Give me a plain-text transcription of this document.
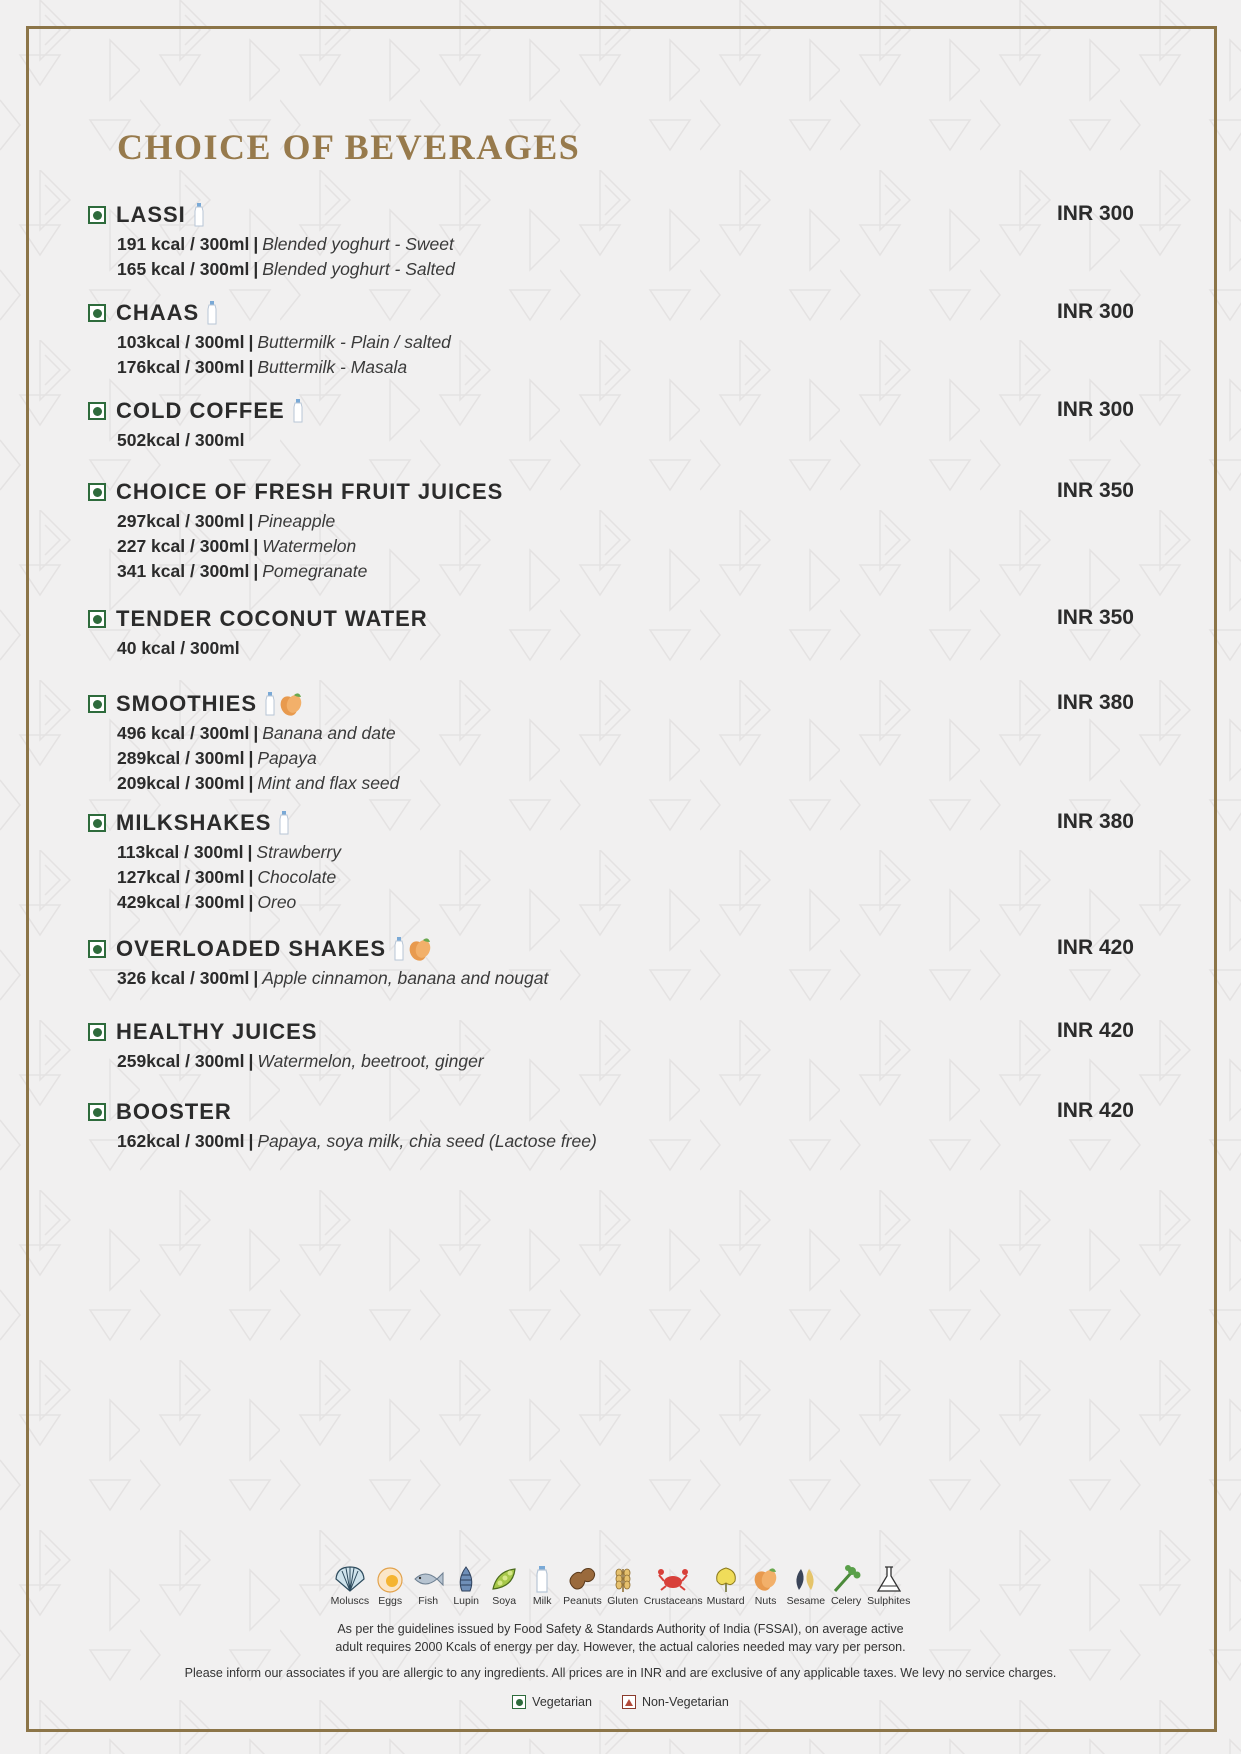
CHOICE OF BEVERAGES
LASSI	INR 300
191 kcal / 300ml | Blended yoghurt - Sweet
165 kcal / 300ml | Blended yoghurt - Salted
CHAAS	INR 300
103kcal / 300ml | Buttermilk - Plain / salted
176kcal / 300ml | Buttermilk - Masala
COLD COFFEE	INR 300
502kcal / 300ml
CHOICE OF FRESH FRUIT JUICES	INR 350
297kcal / 300ml | Pineapple
227 kcal / 300ml | Watermelon
341 kcal / 300ml | Pomegranate
TENDER COCONUT WATER	INR 350
40 kcal / 300ml
SMOOTHIES	INR 380
496 kcal / 300ml | Banana and date
289kcal / 300ml | Papaya
209kcal / 300ml | Mint and flax seed
MILKSHAKES	INR 380
113kcal / 300ml | Strawberry
127kcal / 300ml | Chocolate
429kcal / 300ml | Oreo
OVERLOADED SHAKES	INR 420
326 kcal / 300ml | Apple cinnamon, banana and nougat
HEALTHY JUICES	INR 420
259kcal / 300ml | Watermelon, beetroot, ginger
BOOSTER	INR 420
162kcal / 300ml | Papaya, soya milk, chia seed (Lactose free)
Moluscs Eggs Fish Lupin Soya Milk Peanuts Gluten Crustaceans Mustard Nuts Sesame Celery Sulphites
As per the guidelines issued by Food Safety & Standards Authority of India (FSSAI), on average active
adult requires 2000 Kcals of energy per day. However, the actual calories needed may vary per person.
Please inform our associates if you are allergic to any ingredients. All prices are in INR and are exclusive of any applicable taxes. We levy no service charges.
Vegetarian	Non-Vegetarian
